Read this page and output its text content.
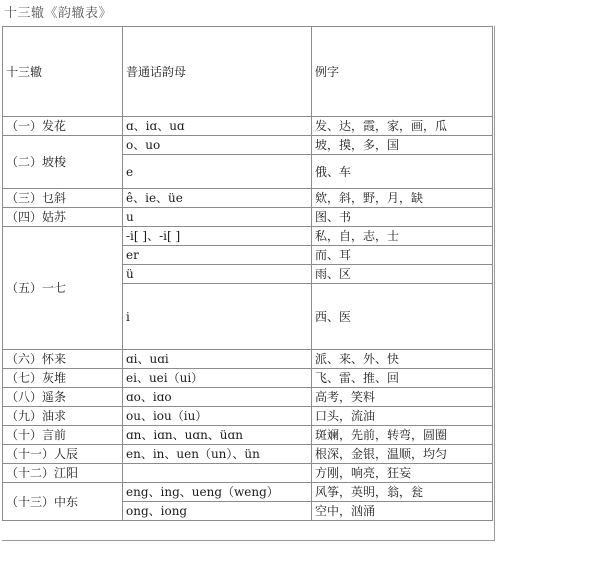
十三辙《韵辙表》
十三辙	普通话韵母	例字
（一）发花	ɑ、iɑ、uɑ	发、达，霞，家，画，瓜
（二）坡梭	o、uo	坡，摸，多，国
	e	俄、车
（三）乜斜	ê、ie、üe	欸，斜，野，月，缺
（四）姑苏	u	图、书
（五）一七	-i[ ]、-i[ ]	私，自，志，士
	er	而、耳
	ü	雨、区
	i	西、医
（六）怀来	ɑi、uɑi	派、来、外、快
（七）灰堆	ei、uei（ui）	飞、雷、推、回
（八）遥条	ɑo、iɑo	高考，笑料
（九）油求	ou、iou（iu）	口头，流油
（十）言前	ɑn、iɑn、uɑn、üɑn	斑斓，先前，转弯，圆圈
（十一）人辰	en、in、uen（un）、ün	根深，金银，温顺，均匀
（十二）江阳		方刚，响亮，狂妄
（十三）中东	eng、ing、ueng（weng）	风筝，英明，翁，瓮
	ong、iong	空中，汹涌
